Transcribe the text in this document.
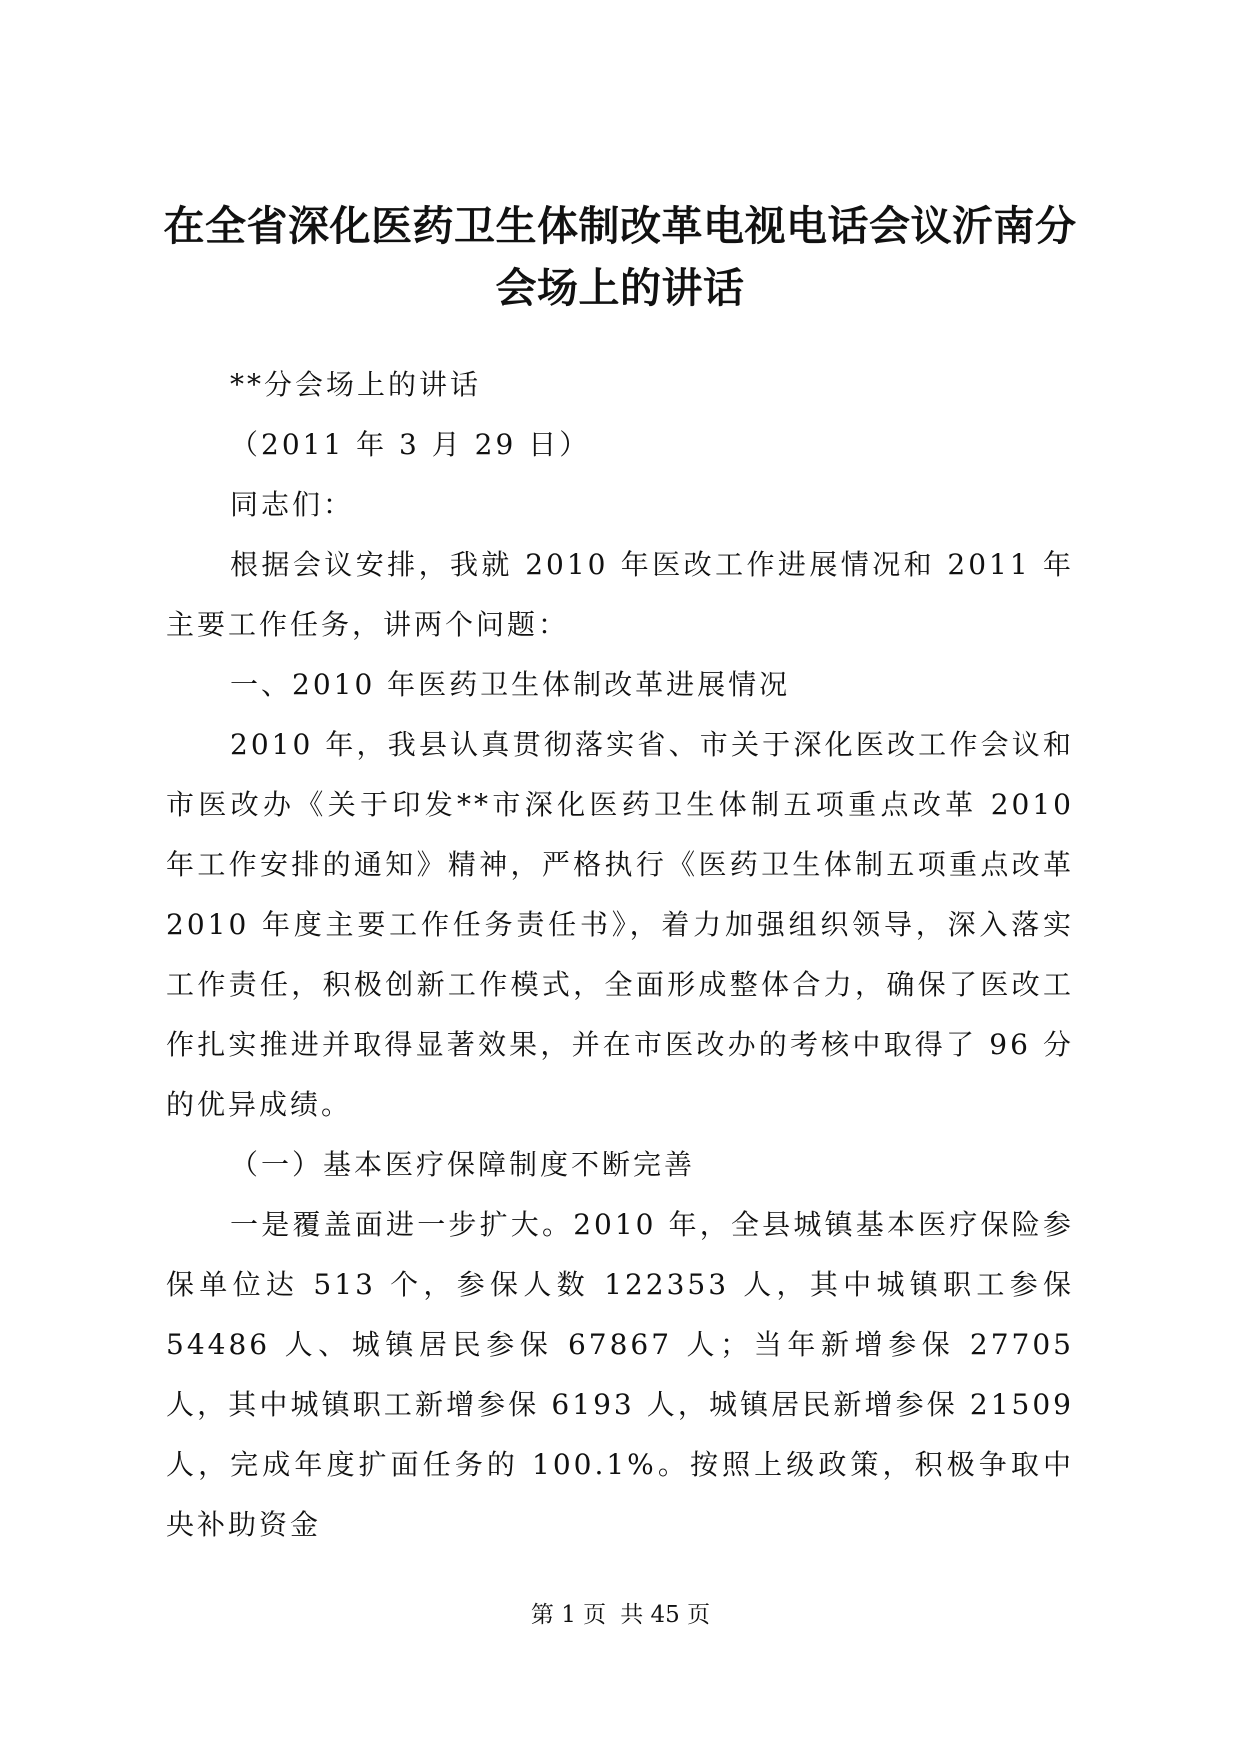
在全省深化医药卫生体制改革电视电话会议沂南分会场上的讲话

**分会场上的讲话

（2011 年 3 月 29 日）

同志们：

根据会议安排，我就 2010 年医改工作进展情况和 2011 年主要工作任务，讲两个问题：

一、2010 年医药卫生体制改革进展情况

2010 年，我县认真贯彻落实省、市关于深化医改工作会议和市医改办《关于印发**市深化医药卫生体制五项重点改革 2010 年工作安排的通知》精神，严格执行《医药卫生体制五项重点改革 2010 年度主要工作任务责任书》，着力加强组织领导，深入落实工作责任，积极创新工作模式，全面形成整体合力，确保了医改工作扎实推进并取得显著效果，并在市医改办的考核中取得了 96 分的优异成绩。

（一）基本医疗保障制度不断完善

一是覆盖面进一步扩大。2010 年，全县城镇基本医疗保险参保单位达 513 个，参保人数 122353 人，其中城镇职工参保 54486 人、城镇居民参保 67867 人；当年新增参保 27705 人，其中城镇职工新增参保 6193 人，城镇居民新增参保 21509 人，完成年度扩面任务的 100.1%。按照上级政策，积极争取中央补助资金

第 1 页 共 45 页
